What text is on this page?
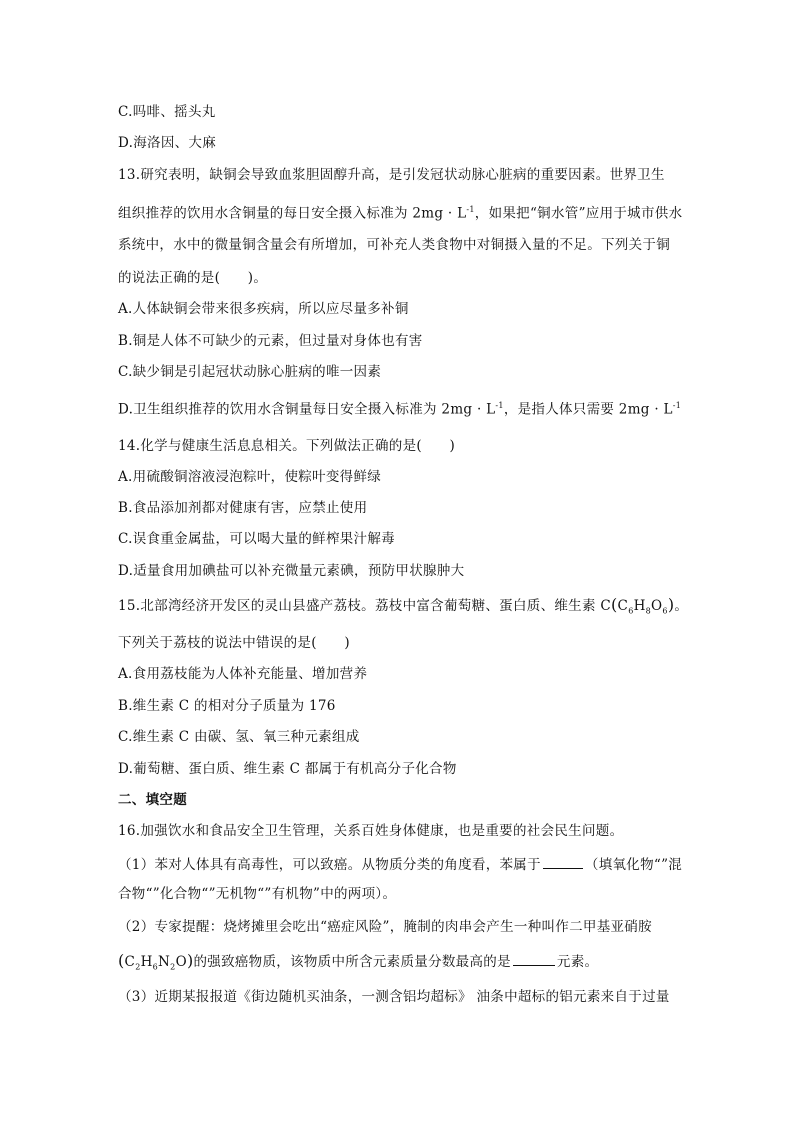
C.吗啡、摇头丸
D.海洛因、大麻
13.研究表明，缺铜会导致血浆胆固醇升高，是引发冠状动脉心脏病的重要因素。世界卫生
组织推荐的饮用水含铜量的每日安全摄入标准为 $2mg \cdot L^{-1}$，如果把“铜水管”应用于城市供水
系统中，水中的微量铜含量会有所增加，可补充人类食物中对铜摄入量的不足。下列关于铜
的说法正确的是(　　)。
A.人体缺铜会带来很多疾病，所以应尽量多补铜
B.铜是人体不可缺少的元素，但过量对身体也有害
C.缺少铜是引起冠状动脉心脏病的唯一因素
D.卫生组织推荐的饮用水含铜量每日安全摄入标准为 $2mg \cdot L^{-1}$，是指人体只需要 $2mg \cdot L^{-1}$
14.化学与健康生活息息相关。下列做法正确的是(　　)
A.用硫酸铜溶液浸泡粽叶，使粽叶变得鲜绿
B.食品添加剂都对健康有害，应禁止使用
C.误食重金属盐，可以喝大量的鲜榨果汁解毒
D.适量食用加碘盐可以补充微量元素碘，预防甲状腺肿大
15.北部湾经济开发区的灵山县盛产荔枝。荔枝中富含葡萄糖、蛋白质、维生素 $C(C_6H_8O_6)$。
下列关于荔枝的说法中错误的是(　　)
A.食用荔枝能为人体补充能量、增加营养
B.维生素 C 的相对分子质量为 176
C.维生素 C 由碳、氢、氧三种元素组成
D.葡萄糖、蛋白质、维生素 C 都属于有机高分子化合物
二、填空题
16.加强饮水和食品安全卫生管理，关系百姓身体健康，也是重要的社会民生问题。
（1）苯对人体具有高毒性，可以致癌。从物质分类的角度看，苯属于	（填氧化物“”混
合物“”化合物“”无机物“”有机物”中的两项）。
（2）专家提醒：烧烤摊里会吃出“癌症风险”，腌制的肉串会产生一种叫作二甲基亚硝胺
$(C_2H_6N_2O)$的强致癌物质，该物质中所含元素质量分数最高的是	元素。
（3）近期某报报道《街边随机买油条，一测含铝均超标》 油条中超标的铝元素来自于过量
